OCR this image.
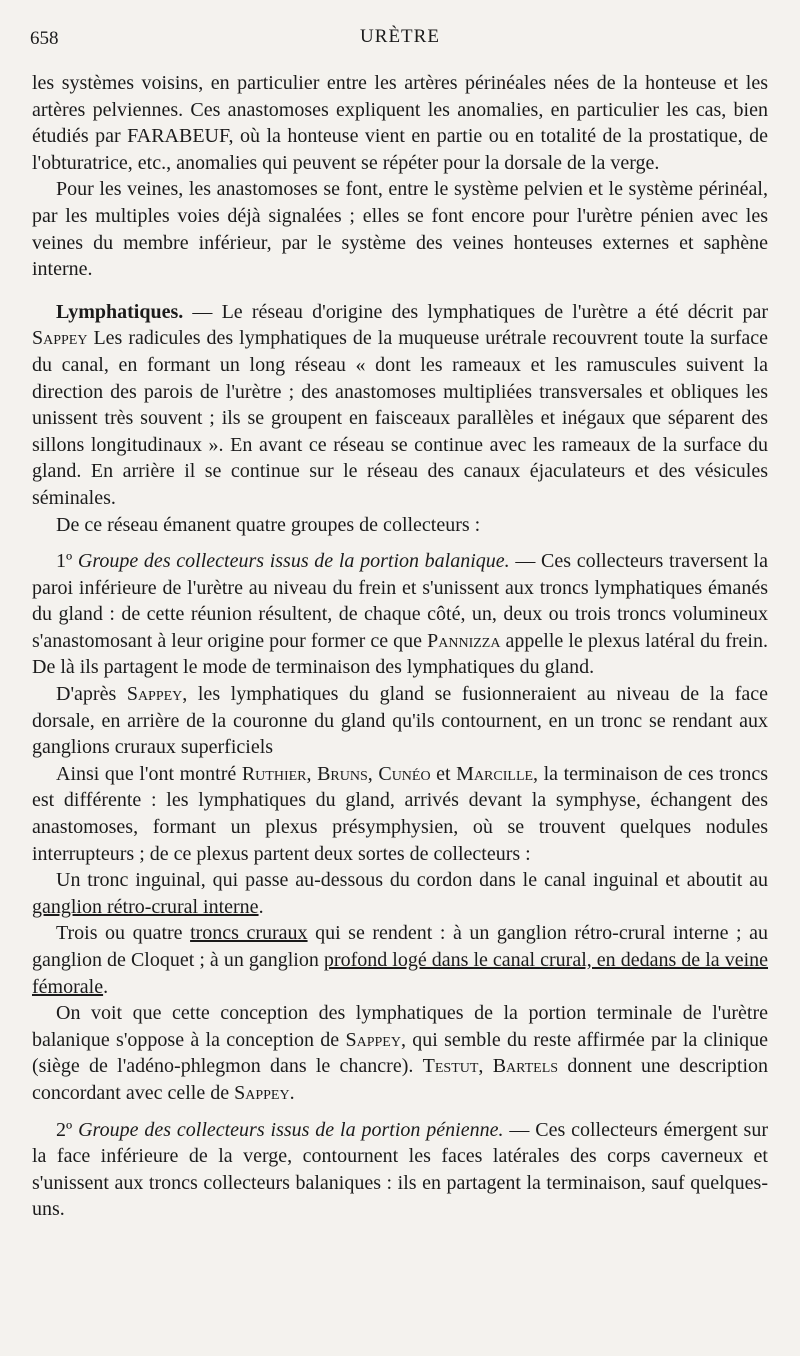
658	URÈTRE

les systèmes voisins, en particulier entre les artères périnéales nées de la honteuse et les artères pelviennes. Ces anastomoses expliquent les anomalies, en particulier les cas, bien étudiés par FARABEUF, où la honteuse vient en partie ou en totalité de la prostatique, de l'obturatrice, etc., anomalies qui peuvent se répéter pour la dorsale de la verge.

Pour les veines, les anastomoses se font, entre le système pelvien et le système périnéal, par les multiples voies déjà signalées ; elles se font encore pour l'urètre pénien avec les veines du membre inférieur, par le système des veines honteuses externes et saphène interne.

Lymphatiques. — Le réseau d'origine des lymphatiques de l'urètre a été décrit par Sappey Les radicules des lymphatiques de la muqueuse urétrale recouvrent toute la surface du canal, en formant un long réseau « dont les rameaux et les ramuscules suivent la direction des parois de l'urètre ; des anastomoses multipliées transversales et obliques les unissent très souvent ; ils se groupent en faisceaux parallèles et inégaux que séparent des sillons longitudinaux ». En avant ce réseau se continue avec les rameaux de la surface du gland. En arrière il se continue sur le réseau des canaux éjaculateurs et des vésicules séminales.

De ce réseau émanent quatre groupes de collecteurs :

1º Groupe des collecteurs issus de la portion balanique. — Ces collecteurs traversent la paroi inférieure de l'urètre au niveau du frein et s'unissent aux troncs lymphatiques émanés du gland : de cette réunion résultent, de chaque côté, un, deux ou trois troncs volumineux s'anastomosant à leur origine pour former ce que Pannizza appelle le plexus latéral du frein. De là ils partagent le mode de terminaison des lymphatiques du gland.

D'après Sappey, les lymphatiques du gland se fusionneraient au niveau de la face dorsale, en arrière de la couronne du gland qu'ils contournent, en un tronc se rendant aux ganglions cruraux superficiels

Ainsi que l'ont montré Ruthier, Bruns, Cunéo et Marcille, la terminaison de ces troncs est différente : les lymphatiques du gland, arrivés devant la symphyse, échangent des anastomoses, formant un plexus présymphysien, où se trouvent quelques nodules interrupteurs ; de ce plexus partent deux sortes de collecteurs :

Un tronc inguinal, qui passe au-dessous du cordon dans le canal inguinal et aboutit au ganglion rétro-crural interne.

Trois ou quatre troncs cruraux qui se rendent : à un ganglion rétro-crural interne ; au ganglion de Cloquet ; à un ganglion profond logé dans le canal crural, en dedans de la veine fémorale.

On voit que cette conception des lymphatiques de la portion terminale de l'urètre balanique s'oppose à la conception de Sappey, qui semble du reste affirmée par la clinique (siège de l'adéno-phlegmon dans le chancre). Testut, Bartels donnent une description concordant avec celle de Sappey.

2º Groupe des collecteurs issus de la portion pénienne. — Ces collecteurs émergent sur la face inférieure de la verge, contournent les faces latérales des corps caverneux et s'unissent aux troncs collecteurs balaniques : ils en partagent la terminaison, sauf quelques-uns.
